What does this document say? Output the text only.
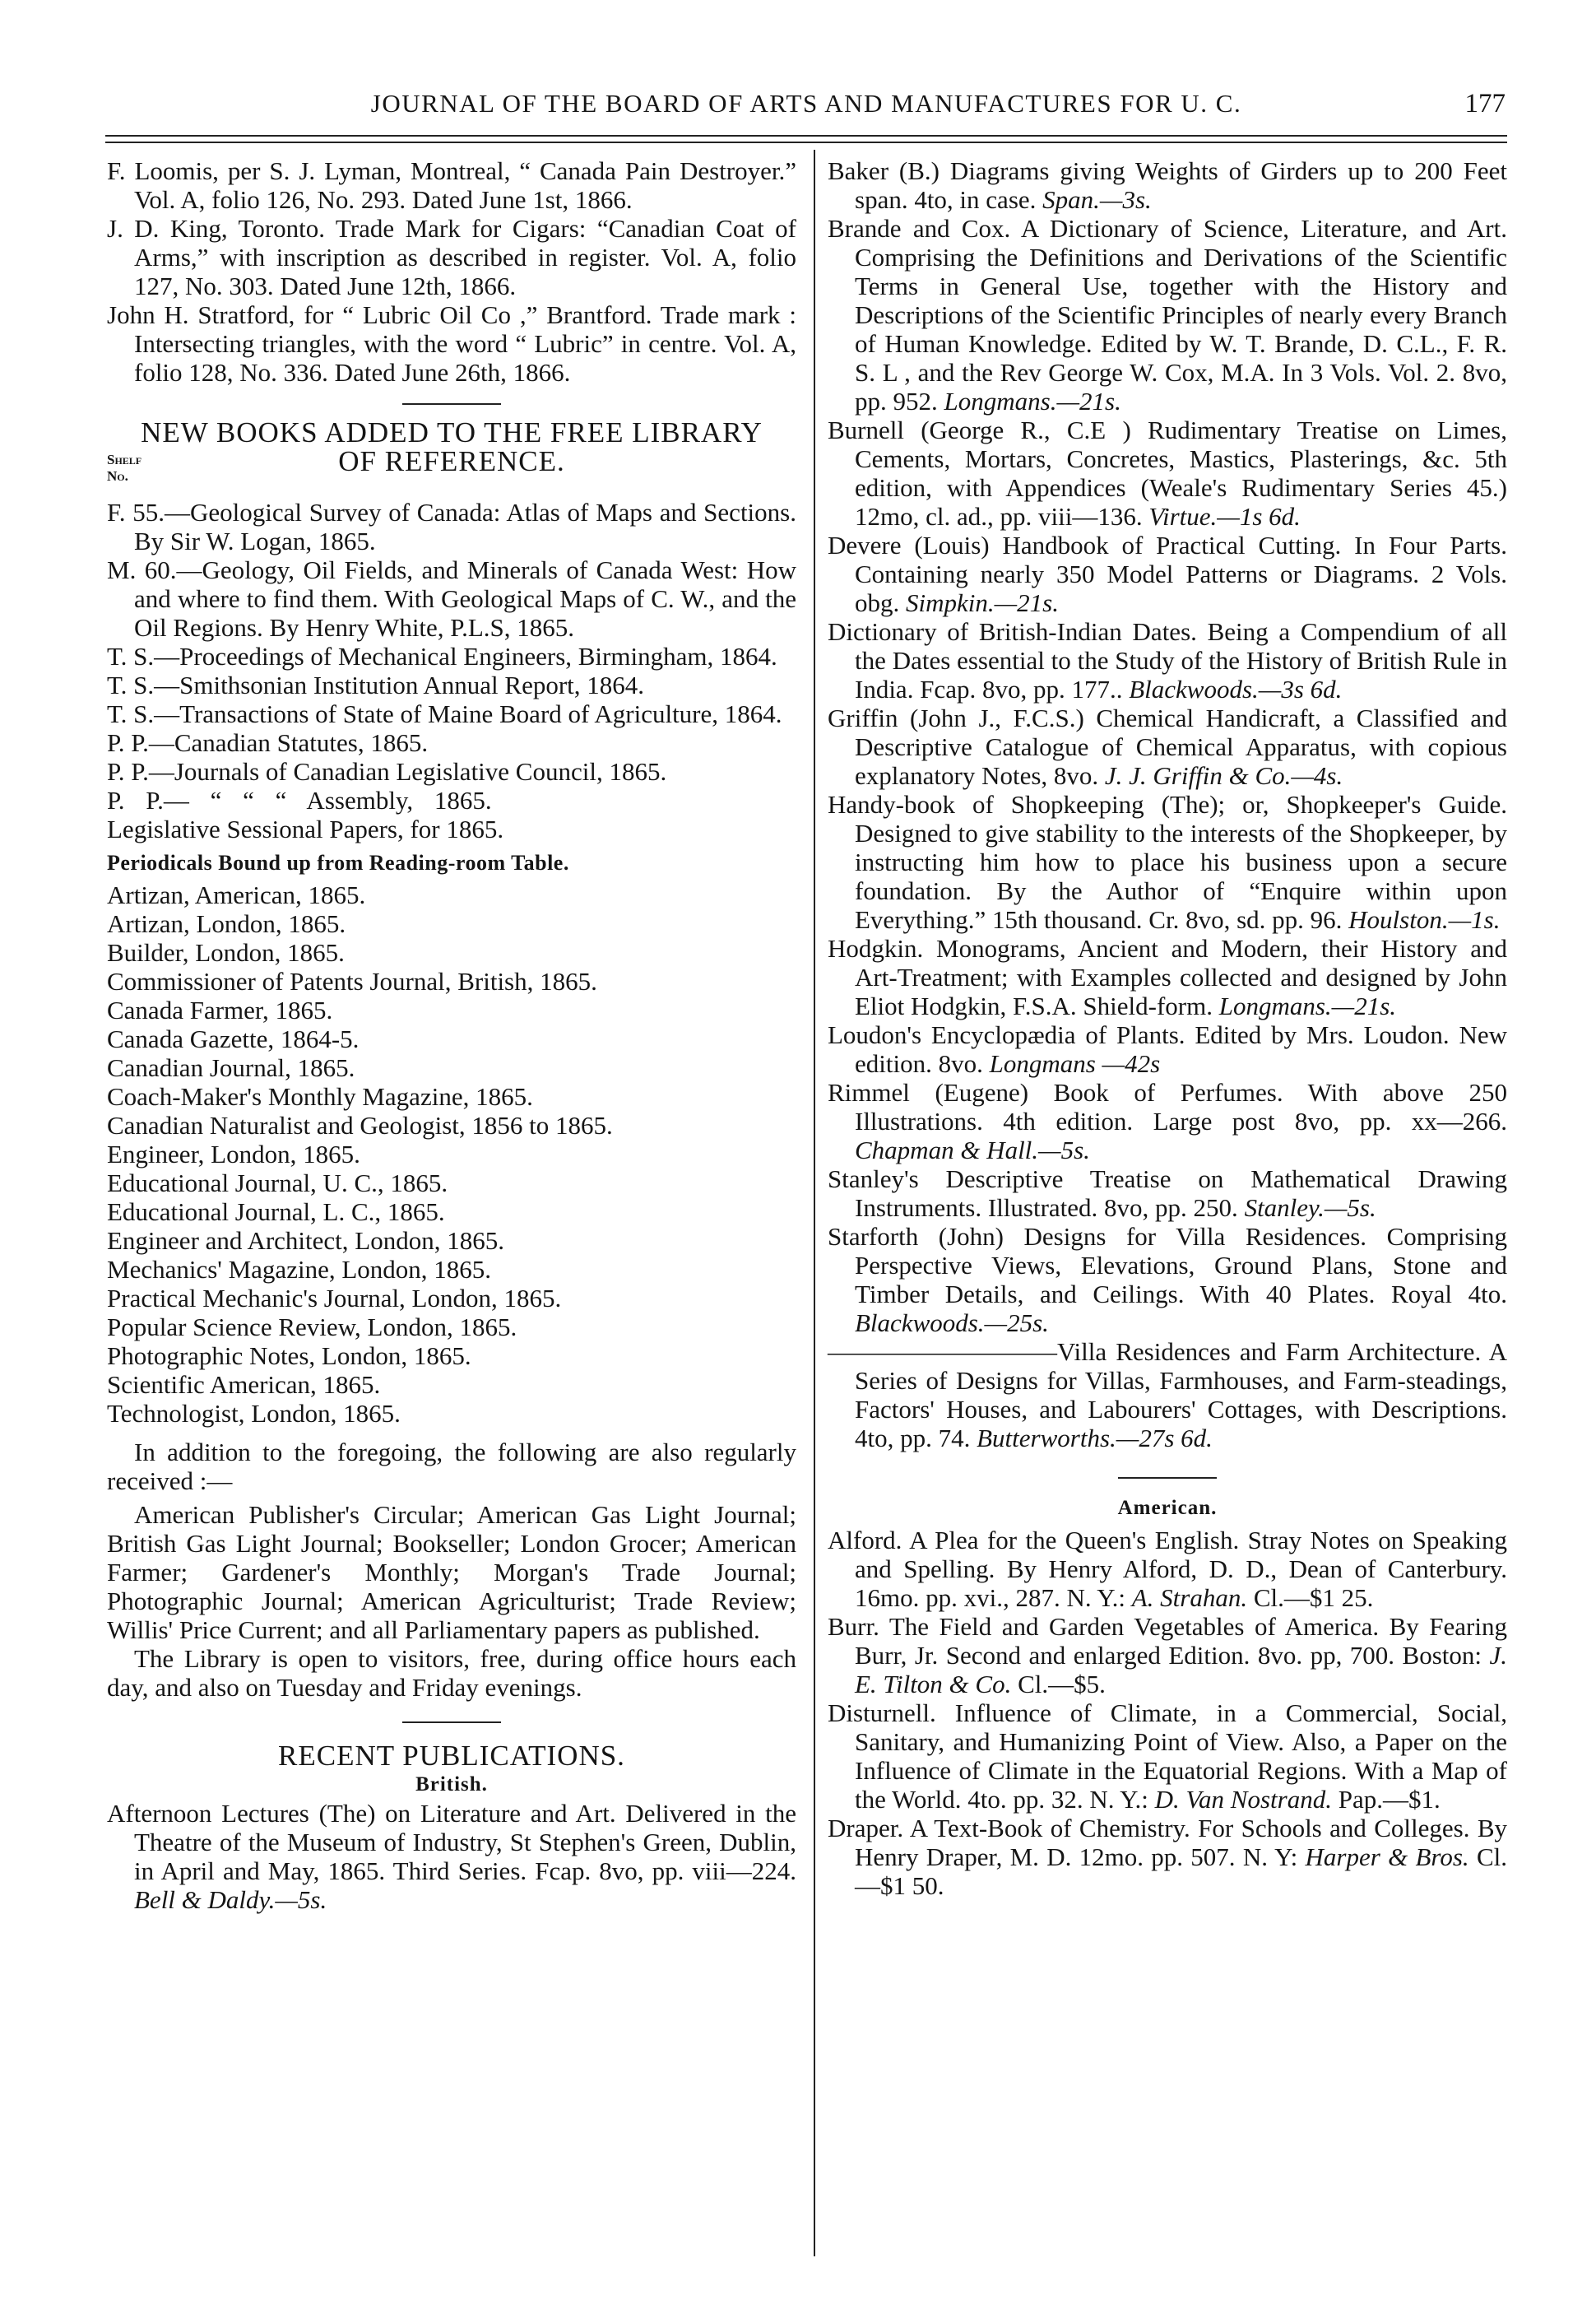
JOURNAL OF THE BOARD OF ARTS AND MANUFACTURES FOR U. C.	177

F. Loomis, per S. J. Lyman, Montreal, “ Canada Pain Destroyer.” Vol. A, folio 126, No. 293. Dated June 1st, 1866.

J. D. King, Toronto. Trade Mark for Cigars: “Canadian Coat of Arms,” with inscription as described in register. Vol. A, folio 127, No. 303. Dated June 12th, 1866.

John H. Stratford, for “ Lubric Oil Co ,” Brantford. Trade mark : Intersecting triangles, with the word “ Lubric” in centre. Vol. A, folio 128, No. 336. Dated June 26th, 1866.

NEW BOOKS ADDED TO THE FREE LIBRARY

OF REFERENCE.
Shelf
No.

F. 55.—Geological Survey of Canada: Atlas of Maps and Sections. By Sir W. Logan, 1865.

M. 60.—Geology, Oil Fields, and Minerals of Canada West: How and where to find them. With Geological Maps of C. W., and the Oil Regions. By Henry White, P.L.S, 1865.

T. S.—Proceedings of Mechanical Engineers, Birmingham, 1864.

T. S.—Smithsonian Institution Annual Report, 1864.

T. S.—Transactions of State of Maine Board of Agriculture, 1864.

P. P.—Canadian Statutes, 1865.

P. P.—Journals of Canadian Legislative Council, 1865.

P. P.— “ “ “ Assembly, 1865.

Legislative Sessional Papers, for 1865.

Periodicals Bound up from Reading-room Table.

Artizan, American, 1865.

Artizan, London, 1865.

Builder, London, 1865.

Commissioner of Patents Journal, British, 1865.

Canada Farmer, 1865.

Canada Gazette, 1864-5.

Canadian Journal, 1865.

Coach-Maker's Monthly Magazine, 1865.

Canadian Naturalist and Geologist, 1856 to 1865.

Engineer, London, 1865.

Educational Journal, U. C., 1865.

Educational Journal, L. C., 1865.

Engineer and Architect, London, 1865.

Mechanics' Magazine, London, 1865.

Practical Mechanic's Journal, London, 1865.

Popular Science Review, London, 1865.

Photographic Notes, London, 1865.

Scientific American, 1865.

Technologist, London, 1865.

In addition to the foregoing, the following are also regularly received :—

American Publisher's Circular; American Gas Light Journal; British Gas Light Journal; Bookseller; London Grocer; American Farmer; Gardener's Monthly; Morgan's Trade Journal; Photographic Journal; American Agriculturist; Trade Review; Willis' Price Current; and all Parliamentary papers as published.

The Library is open to visitors, free, during office hours each day, and also on Tuesday and Friday evenings.

RECENT PUBLICATIONS.

British.

Afternoon Lectures (The) on Literature and Art. Delivered in the Theatre of the Museum of Industry, St Stephen's Green, Dublin, in April and May, 1865. Third Series. Fcap. 8vo, pp. viii—224. Bell & Daldy.—5s.

Baker (B.) Diagrams giving Weights of Girders up to 200 Feet span. 4to, in case. Span.—3s.

Brande and Cox. A Dictionary of Science, Literature, and Art. Comprising the Definitions and Derivations of the Scientific Terms in General Use, together with the History and Descriptions of the Scientific Principles of nearly every Branch of Human Knowledge. Edited by W. T. Brande, D. C.L., F. R. S. L , and the Rev George W. Cox, M.A. In 3 Vols. Vol. 2. 8vo, pp. 952. Longmans.—21s.

Burnell (George R., C.E ) Rudimentary Treatise on Limes, Cements, Mortars, Concretes, Mastics, Plasterings, &c. 5th edition, with Appendices (Weale's Rudimentary Series 45.) 12mo, cl. ad., pp. viii—136. Virtue.—1s 6d.

Devere (Louis) Handbook of Practical Cutting. In Four Parts. Containing nearly 350 Model Patterns or Diagrams. 2 Vols. obg. Simpkin.—21s.

Dictionary of British-Indian Dates. Being a Compendium of all the Dates essential to the Study of the History of British Rule in India. Fcap. 8vo, pp. 177.. Blackwoods.—3s 6d.

Griffin (John J., F.C.S.) Chemical Handicraft, a Classified and Descriptive Catalogue of Chemical Apparatus, with copious explanatory Notes, 8vo. J. J. Griffin & Co.—4s.

Handy-book of Shopkeeping (The); or, Shopkeeper's Guide. Designed to give stability to the interests of the Shopkeeper, by instructing him how to place his business upon a secure foundation. By the Author of “Enquire within upon Everything.” 15th thousand. Cr. 8vo, sd. pp. 96. Houlston.—1s.

Hodgkin. Monograms, Ancient and Modern, their History and Art-Treatment; with Examples collected and designed by John Eliot Hodgkin, F.S.A. Shield-form. Longmans.—21s.

Loudon's Encyclopædia of Plants. Edited by Mrs. Loudon. New edition. 8vo. Longmans —42s

Rimmel (Eugene) Book of Perfumes. With above 250 Illustrations. 4th edition. Large post 8vo, pp. xx—266. Chapman & Hall.—5s.

Stanley's Descriptive Treatise on Mathematical Drawing Instruments. Illustrated. 8vo, pp. 250. Stanley.—5s.

Starforth (John) Designs for Villa Residences. Comprising Perspective Views, Elevations, Ground Plans, Stone and Timber Details, and Ceilings. With 40 Plates. Royal 4to. Blackwoods.—25s.

—————————Villa Residences and Farm Architecture. A Series of Designs for Villas, Farmhouses, and Farm-steadings, Factors' Houses, and Labourers' Cottages, with Descriptions. 4to, pp. 74. Butterworths.—27s 6d.

American.

Alford. A Plea for the Queen's English. Stray Notes on Speaking and Spelling. By Henry Alford, D. D., Dean of Canterbury. 16mo. pp. xvi., 287. N. Y.: A. Strahan. Cl.—$1 25.

Burr. The Field and Garden Vegetables of America. By Fearing Burr, Jr. Second and enlarged Edition. 8vo. pp, 700. Boston: J. E. Tilton & Co. Cl.—$5.

Disturnell. Influence of Climate, in a Commercial, Social, Sanitary, and Humanizing Point of View. Also, a Paper on the Influence of Climate in the Equatorial Regions. With a Map of the World. 4to. pp. 32. N. Y.: D. Van Nostrand. Pap.—$1.

Draper. A Text-Book of Chemistry. For Schools and Colleges. By Henry Draper, M. D. 12mo. pp. 507. N. Y: Harper & Bros. Cl.—$1 50.
